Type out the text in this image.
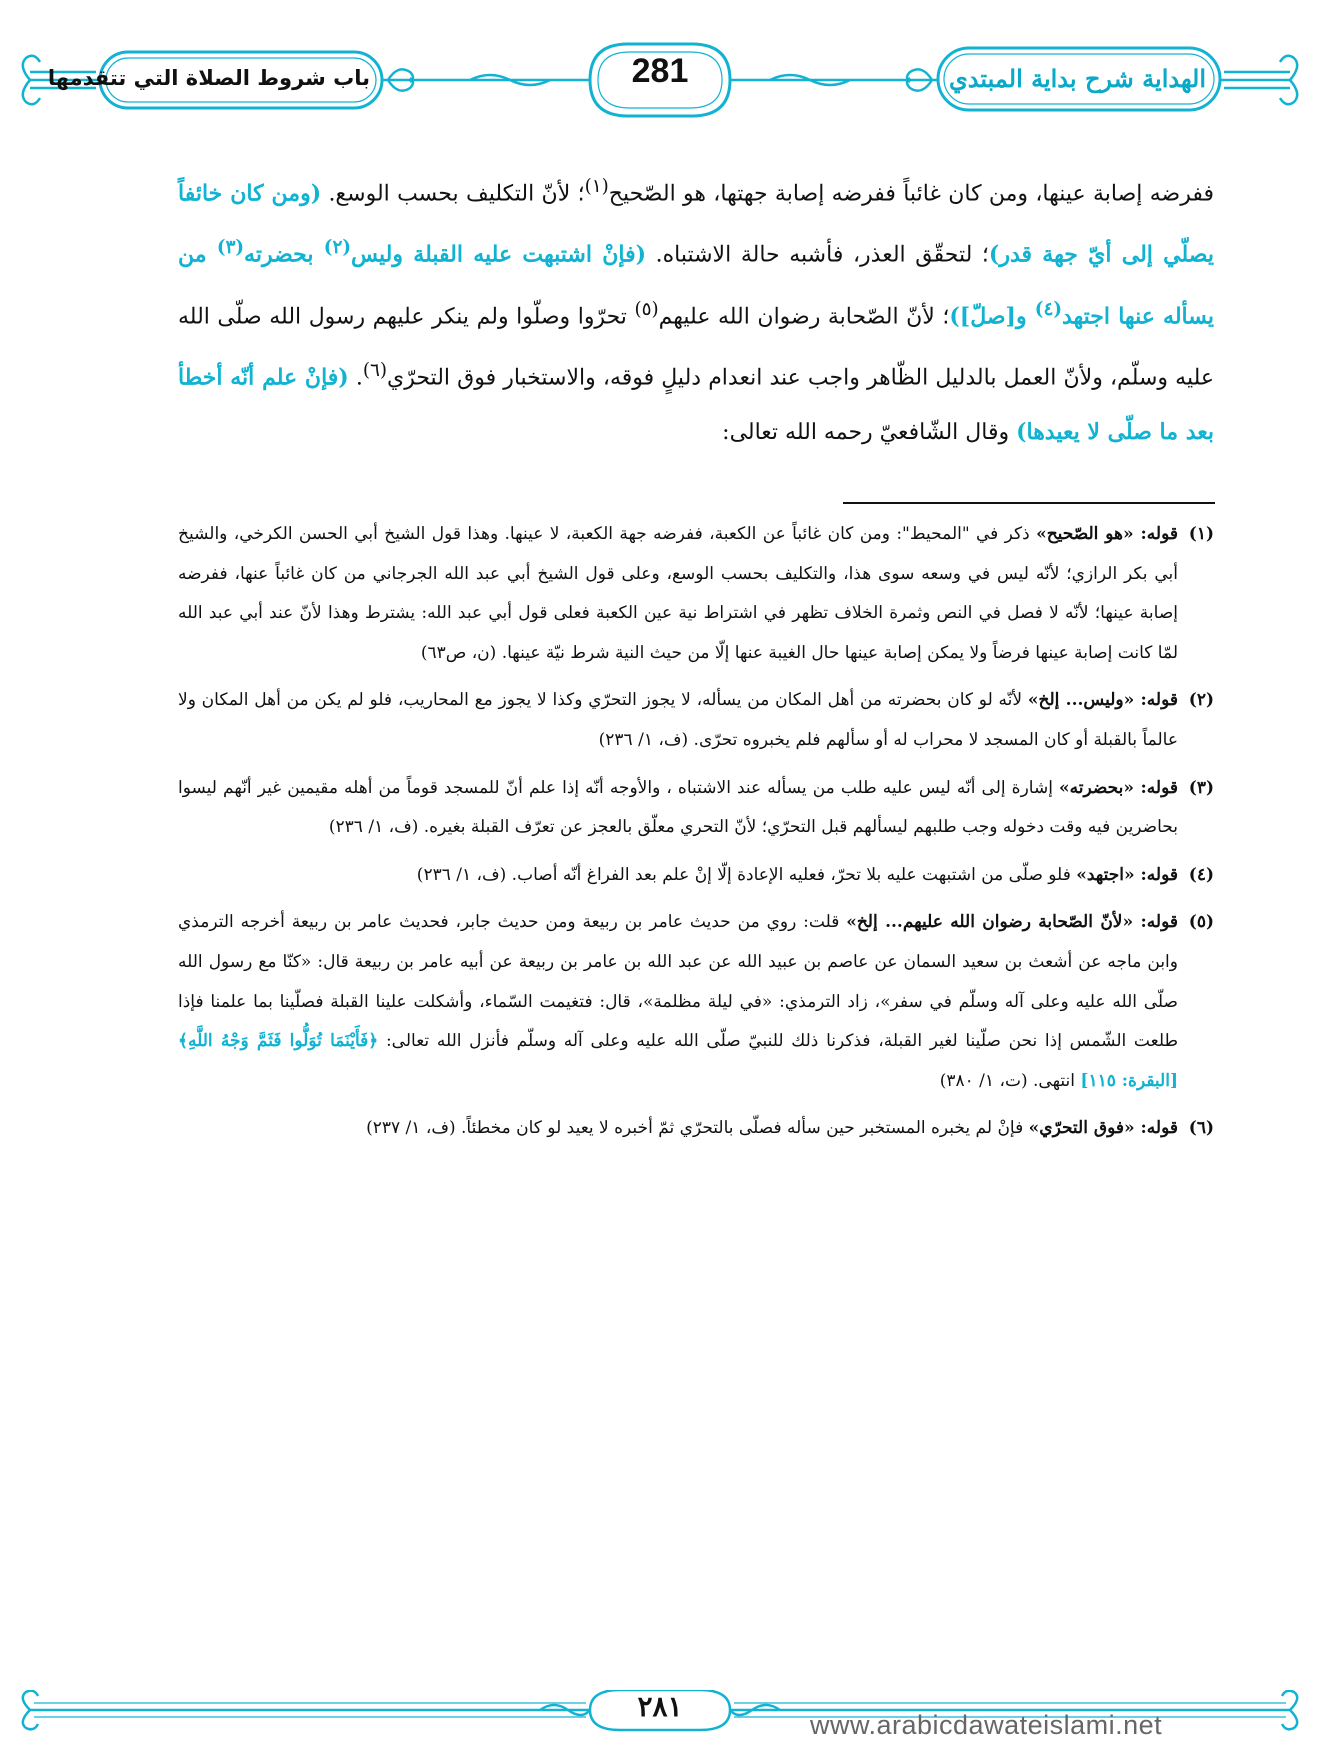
باب شروط الصلاة التي تتقدمها	281	الهداية شرح بداية المبتدي

ففرضه إصابة عينها، ومن كان غائباً ففرضه إصابة جهتها، هو الصّحيح$^{(١)}$؛ لأنّ التكليف بحسب الوسع. (ومن كان خائفاً يصلّي إلى أيّ جهة قدر)؛ لتحقّق العذر، فأشبه حالة الاشتباه. (فإنْ اشتبهت عليه القبلة وليس$^{(٢)}$ بحضرته$^{(٣)}$ من يسأله عنها اجتهد$^{(٤)}$ و[صلّ])؛ لأنّ الصّحابة رضوان الله عليهم$^{(٥)}$ تحرّوا وصلّوا ولم ينكر عليهم رسول الله صلّى الله عليه وسلّم، ولأنّ العمل بالدليل الظّاهر واجب عند انعدام دليلٍ فوقه، والاستخبار فوق التحرّي$^{(٦)}$. (فإنْ علم أنّه أخطأ بعد ما صلّى لا يعيدها) وقال الشّافعيّ رحمه الله تعالى:

(١)
قوله: «هو الصّحيح» ذكر في "المحيط": ومن كان غائباً عن الكعبة، ففرضه جهة الكعبة، لا عينها. وهذا قول الشيخ أبي الحسن الكرخي، والشيخ أبي بكر الرازي؛ لأنّه ليس في وسعه سوى هذا، والتكليف بحسب الوسع، وعلى قول الشيخ أبي عبد الله الجرجاني من كان غائباً عنها، ففرضه إصابة عينها؛ لأنّه لا فصل في النص وثمرة الخلاف تظهر في اشتراط نية عين الكعبة فعلى قول أبي عبد الله: يشترط وهذا لأنّ عند أبي عبد الله لمّا كانت إصابة عينها فرضاً ولا يمكن إصابة عينها حال الغيبة عنها إلّا من حيث النية شرط نيّة عينها. (ن، ص٦٣)

(٢)
قوله: «وليس... إلخ» لأنّه لو كان بحضرته من أهل المكان من يسأله، لا يجوز التحرّي وكذا لا يجوز مع المحاريب، فلو لم يكن من أهل المكان ولا عالماً بالقبلة أو كان المسجد لا محراب له أو سألهم فلم يخبروه تحرّى. (ف، ١/ ٢٣٦)

(٣)
قوله: «بحضرته» إشارة إلى أنّه ليس عليه طلب من يسأله عند الاشتباه ، والأوجه أنّه إذا علم أنّ للمسجد قوماً من أهله مقيمين غير أنّهم ليسوا بحاضرين فيه وقت دخوله وجب طلبهم ليسألهم قبل التحرّي؛ لأنّ التحري معلّق بالعجز عن تعرّف القبلة بغيره. (ف، ١/ ٢٣٦)

(٤)
قوله: «اجتهد» فلو صلّى من اشتبهت عليه بلا تحرّ، فعليه الإعادة إلّا إنْ علم بعد الفراغ أنّه أصاب. (ف، ١/ ٢٣٦)

(٥)
قوله: «لأنّ الصّحابة رضوان الله عليهم... إلخ» قلت: روي من حديث عامر بن ربيعة ومن حديث جابر، فحديث عامر بن ربيعة أخرجه الترمذي وابن ماجه عن أشعث بن سعيد السمان عن عاصم بن عبيد الله عن عبد الله بن عامر بن ربيعة عن أبيه عامر بن ربيعة قال: «كنّا مع رسول الله صلّى الله عليه وعلى آله وسلّم في سفر»، زاد الترمذي: «في ليلة مظلمة»، قال: فتغيمت السّماء، وأشكلت علينا القبلة فصلّينا بما علمنا فإذا طلعت الشّمس إذا نحن صلّينا لغير القبلة، فذكرنا ذلك للنبيّ صلّى الله عليه وعلى آله وسلّم فأنزل الله تعالى: ﴿فَأَيْنَمَا تُوَلُّوا فَثَمَّ وَجْهُ اللَّهِ﴾ [البقرة: ١١٥] انتهى. (ت، ١/ ٣٨٠)

(٦)
قوله: «فوق التحرّي» فإنْ لم يخبره المستخبر حين سأله فصلّى بالتحرّي ثمّ أخبره لا يعيد لو كان مخطئاً. (ف، ١/ ٢٣٧)

٢٨١
www.arabicdawateislami.net
